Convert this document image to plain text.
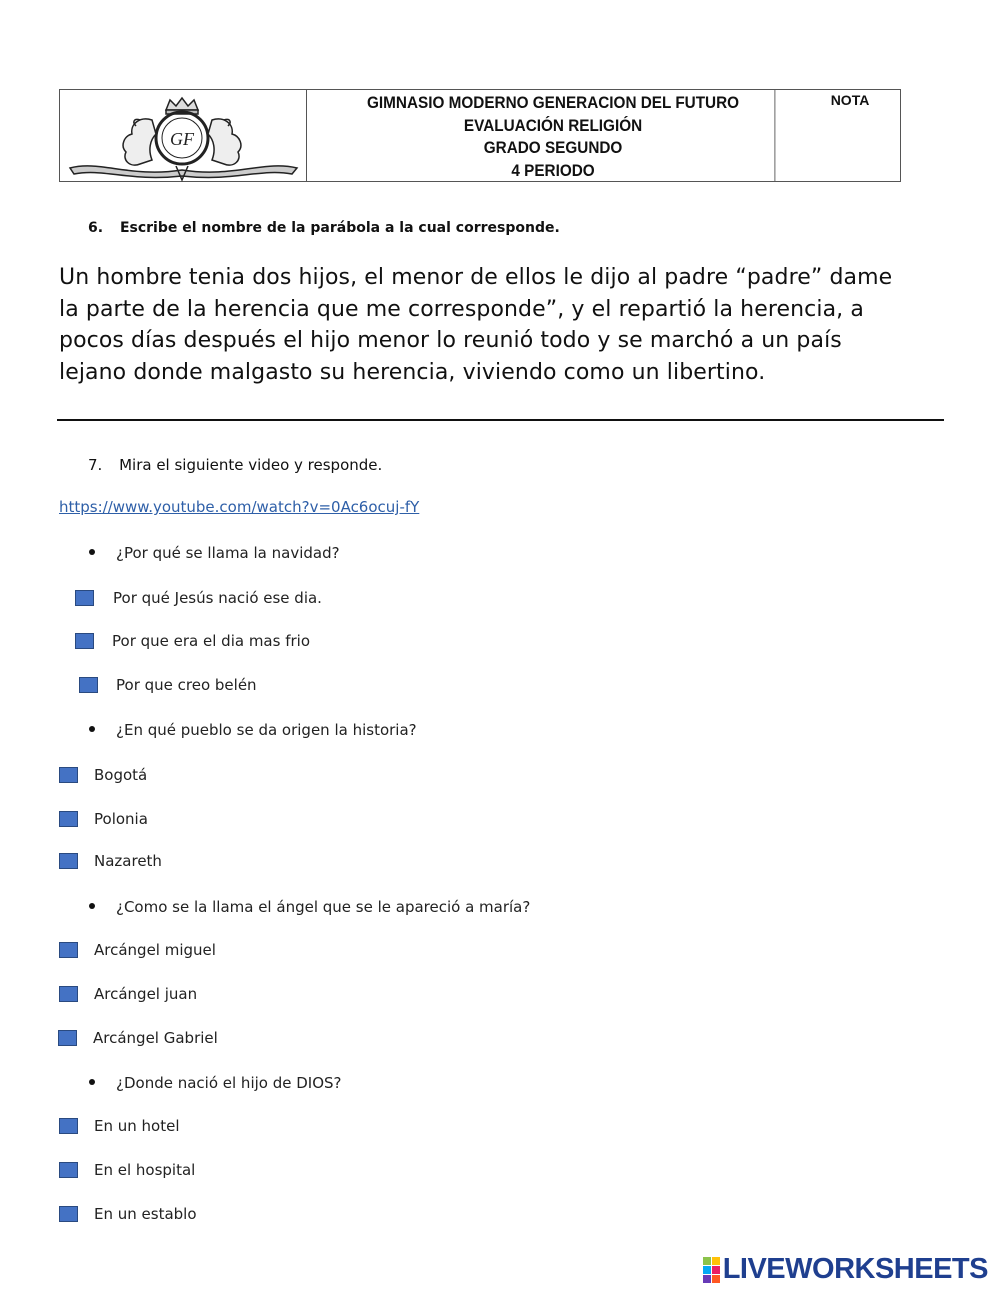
GF
GIMNASIO MODERNO GENERACION DEL FUTURO
EVALUACIÓN RELIGIÓN
GRADO SEGUNDO
4 PERIODO
NOTA
6. Escribe el nombre de la parábola a la cual corresponde.
Un hombre tenia dos hijos, el menor de ellos le dijo al padre “padre” dame
la parte de la herencia que me corresponde”, y el repartió la herencia, a
pocos días después el hijo menor lo reunió todo y se marchó a un país
lejano donde malgasto su herencia, viviendo como un libertino.
7. Mira el siguiente video y responde.
https://www.youtube.com/watch?v=0Ac6ocuj-fY
¿Por qué se llama la navidad?
Por qué Jesús nació ese dia.
Por que era el dia mas frio
Por que creo belén
¿En qué pueblo se da origen la historia?
Bogotá
Polonia
Nazareth
¿Como se la llama el ángel que se le apareció a maría?
Arcángel miguel
Arcángel juan
Arcángel Gabriel
¿Donde nació el hijo de DIOS?
En un hotel
En el hospital
En un establo
LIVEWORKSHEETS
